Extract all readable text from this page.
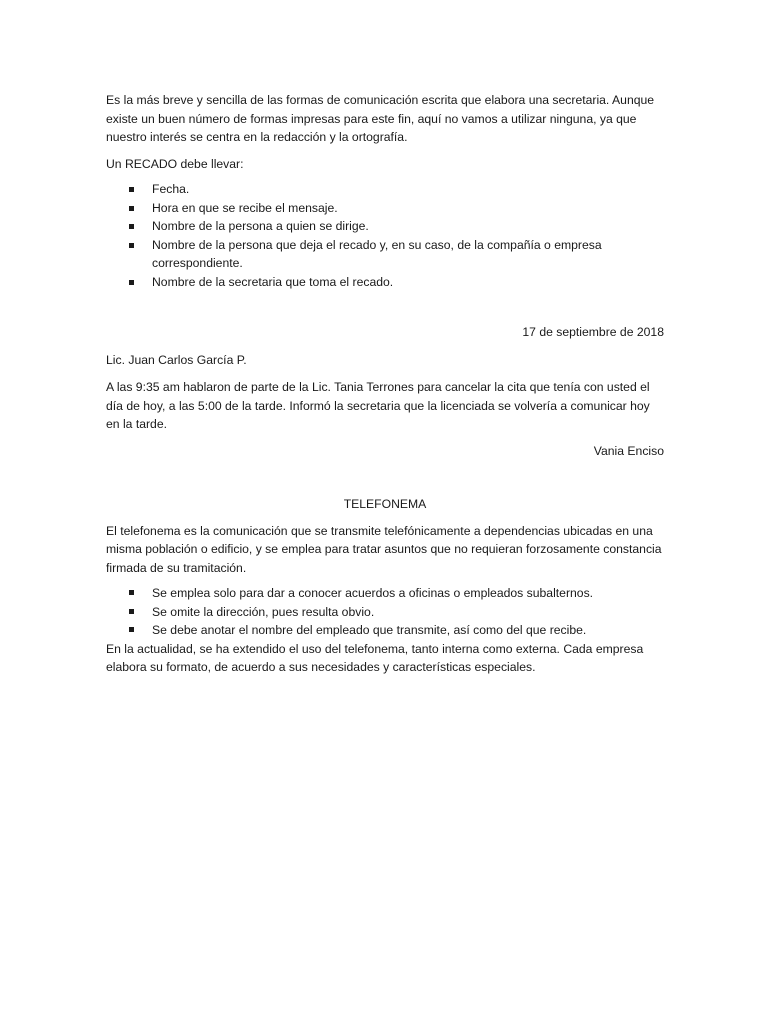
Es la más breve y sencilla de las formas de comunicación escrita que elabora una secretaria. Aunque existe un buen número de formas impresas para este fin, aquí no vamos a utilizar ninguna, ya que nuestro interés se centra en la redacción y la ortografía.

Un RECADO debe llevar:

Fecha.
Hora en que se recibe el mensaje.
Nombre de la persona a quien se dirige.
Nombre de la persona que deja el recado y, en su caso, de la compañía o empresa correspondiente.
Nombre de la secretaria que toma el recado.

17 de septiembre de 2018

Lic. Juan Carlos García P.

A las 9:35 am hablaron de parte de la Lic. Tania Terrones para cancelar la cita que tenía con usted el día de hoy, a las 5:00 de la tarde. Informó la secretaria que la licenciada se volvería a comunicar hoy en la tarde.

Vania Enciso

TELEFONEMA

El telefonema es la comunicación que se transmite telefónicamente a dependencias ubicadas en una misma población o edificio, y se emplea para tratar asuntos que no requieran forzosamente constancia firmada de su tramitación.

Se emplea solo para dar a conocer acuerdos a oficinas o empleados subalternos.
Se omite la dirección, pues resulta obvio.
Se debe anotar el nombre del empleado que transmite, así como del que recibe.

En la actualidad, se ha extendido el uso del telefonema, tanto interna como externa. Cada empresa elabora su formato, de acuerdo a sus necesidades y características especiales.
